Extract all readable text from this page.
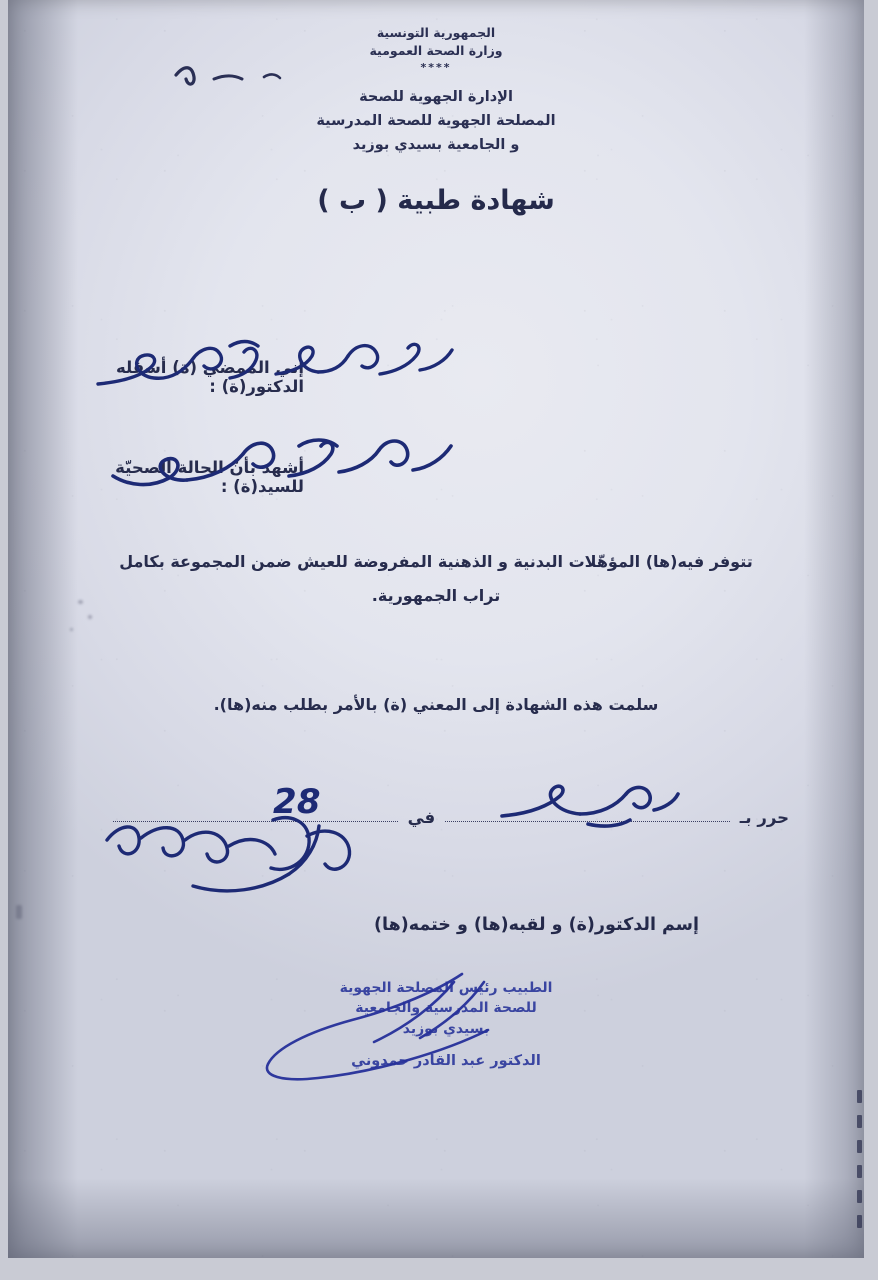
الجمهورية التونسية
وزارة الصحة العمومية
****
الإدارة الجهوية للصحة
المصلحة الجهوية للصحة المدرسية
و الجامعية بسيدي بوزيد
شهادة طبية ( ب )
إني الممضي (ة) أسفله الدكتور(ة) :
أشهد بأنّ الحالة الصحيّة للسيد(ة) :
تتوفر فيه(ها) المؤهّلات البدنية و الذهنية المفروضة للعيش ضمن المجموعة بكامل
تراب الجمهورية.
سلمت هذه الشهادة إلى المعني (ة) بالأمر بطلب منه(ها).
حرر بـ
في
28
إسم الدكتور(ة) و لقبه(ها) و ختمه(ها)
الطبيب رئيس المصلحة الجهوية
للصحة المدرسية والجامعية
بسيدي بوزيد
الدكتور عبد القادر حمدوني
